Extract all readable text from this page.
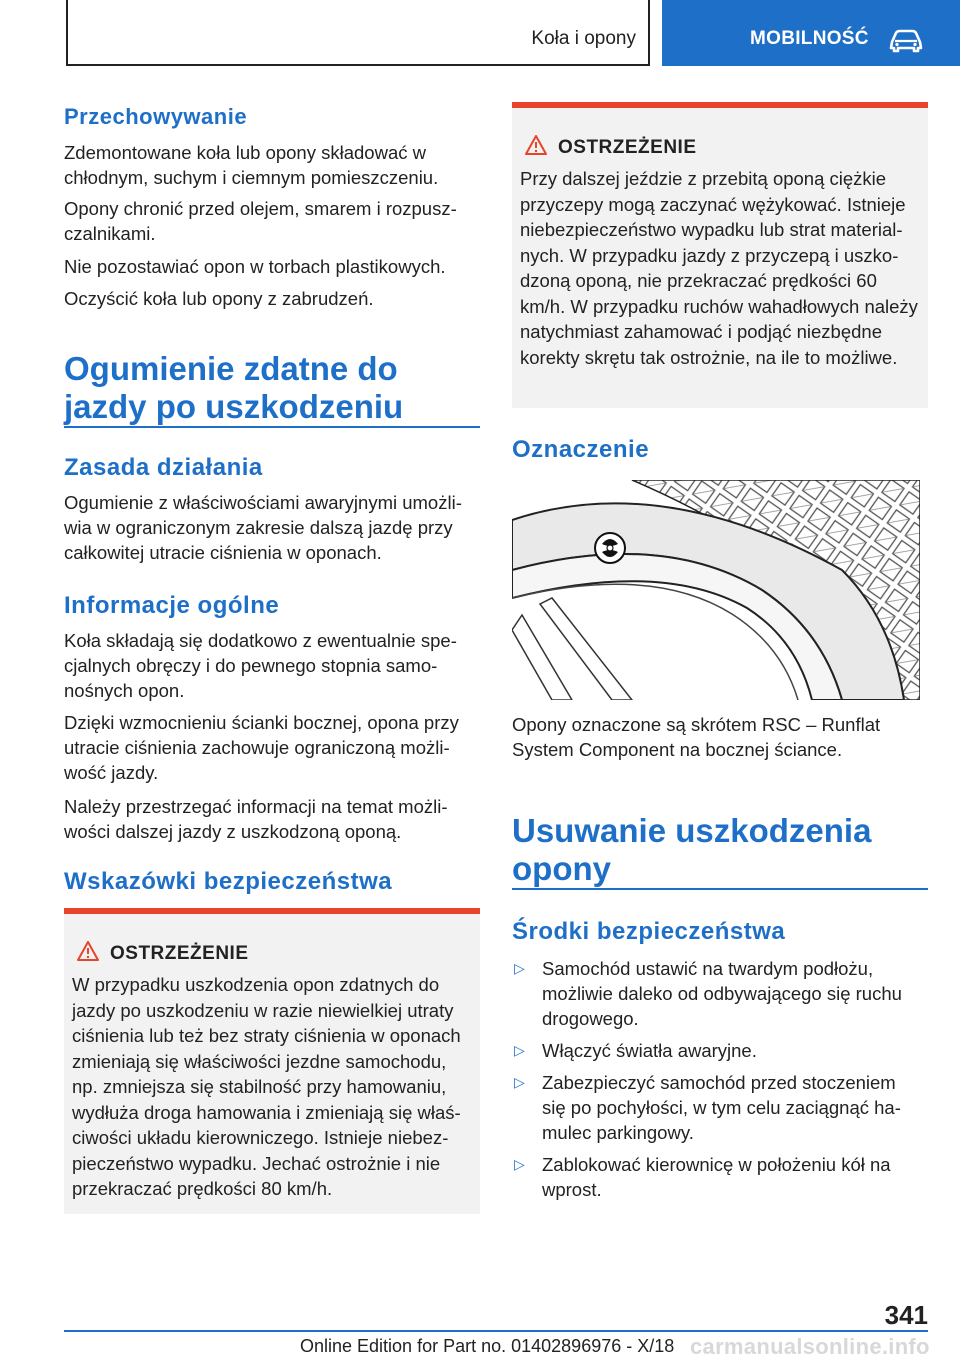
Koła i opony	MOBILNOŚĆ
Przechowywanie

Zdemontowane koła lub opony składować w chłodnym, suchym i ciemnym pomieszczeniu.

Opony chronić przed olejem, smarem i rozpuszczalnikami.

Nie pozostawiać opon w torbach plastikowych.

Oczyścić koła lub opony z zabrudzeń.

Ogumienie zdatne do jazdy po uszkodzeniu
Zasada działania

Ogumienie z właściwościami awaryjnymi umożliwia w ograniczonym zakresie dalszą jazdę przy całkowitej utracie ciśnienia w oponach.

Informacje ogólne

Koła składają się dodatkowo z ewentualnie specjalnych obręczy i do pewnego stopnia samonośnych opon.

Dzięki wzmocnieniu ścianki bocznej, opona przy utracie ciśnienia zachowuje ograniczoną możliwość jazdy.

Należy przestrzegać informacji na temat możliwości dalszej jazdy z uszkodzoną oponą.

Wskazówki bezpieczeństwa
OSTRZEŻENIE
W przypadku uszkodzenia opon zdatnych do jazdy po uszkodzeniu w razie niewielkiej utraty ciśnienia lub też bez straty ciśnienia w oponach zmieniają się właściwości jezdne samochodu, np. zmniejsza się stabilność przy hamowaniu, wydłuża droga hamowania i zmieniają się właściwości układu kierowniczego. Istnieje niebezpieczeństwo wypadku. Jechać ostrożnie i nie przekraczać prędkości 80 km/h.
OSTRZEŻENIE
Przy dalszej jeździe z przebitą oponą ciężkie przyczepy mogą zaczynać wężykować. Istnieje niebezpieczeństwo wypadku lub strat materialnych. W przypadku jazdy z przyczepą i uszkodzoną oponą, nie przekraczać prędkości 60 km/h. W przypadku ruchów wahadłowych należy natychmiast zahamować i podjąć niezbędne korekty skrętu tak ostrożnie, na ile to możliwe.
Oznaczenie

Opony oznaczone są skrótem RSC – Runflat System Component na bocznej ściance.

Usuwanie uszkodzenia opony
Środki bezpieczeństwa
▷ Samochód ustawić na twardym podłożu, możliwie daleko od odbywającego się ruchu drogowego.

▷ Włączyć światła awaryjne.

▷ Zabezpieczyć samochód przed stoczeniem się po pochyłości, w tym celu zaciągnąć hamulec parkingowy.

▷ Zablokować kierownicę w położeniu kół na wprost.

341
Online Edition for Part no. 01402896976 - X/18 carmanualsonline.info
